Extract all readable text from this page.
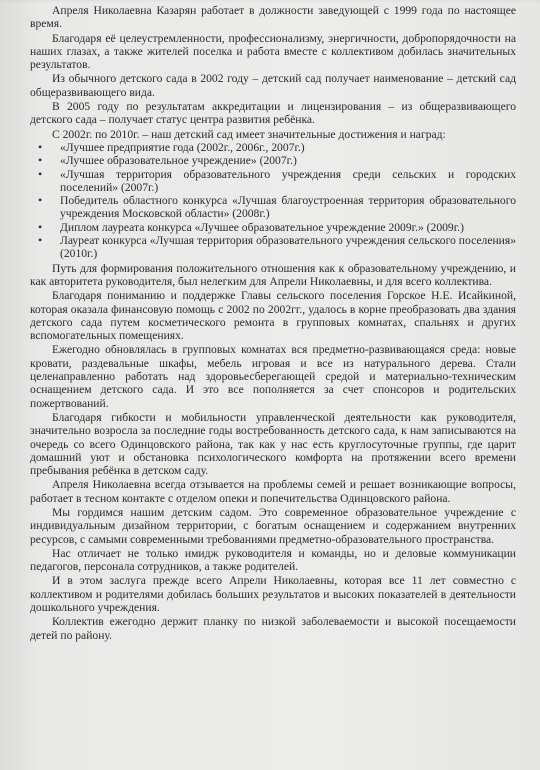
Апреля Николаевна Казарян работает в должности заведующей с 1999 года по настоящее время.

Благодаря её целеустремленности, профессионализму, энергичности, добропорядочности на наших глазах, а также жителей поселка и работа вместе с коллективом добилась значительных результатов.

Из обычного детского сада в 2002 году – детский сад получает наименование – детский сад общеразвивающего вида.

В 2005 году по результатам аккредитации и лицензирования – из общеразвивающего детского сада – получает статус центра развития ребёнка.

С 2002г. по 2010г. – наш детский сад имеет значительные достижения и наград:

• «Лучшее предприятие года (2002г., 2006г., 2007г.)
• «Лучшее образовательное учреждение» (2007г.)
• «Лучшая территория образовательного учреждения среди сельских и городских поселений» (2007г.)
• Победитель областного конкурса «Лучшая благоустроенная территория образовательного учреждения Московской области» (2008г.)
• Диплом лауреата конкурса «Лучшее образовательное учреждение 2009г.» (2009г.)
• Лауреат конкурса «Лучшая территория образовательного учреждения сельского поселения» (2010г.)

Путь для формирования положительного отношения как к образовательному учреждению, и как авторитета руководителя, был нелегким для Апрели Николаевны, и для всего коллектива.

Благодаря пониманию и поддержке Главы сельского поселения Горское Н.Е. Исайкиной, которая оказала финансовую помощь с 2002 по 2002гг., удалось в корне преобразовать два здания детского сада путем косметического ремонта в групповых комнатах, спальнях и других вспомогательных помещениях.

Ежегодно обновлялась в групповых комнатах вся предметно-развивающаяся среда: новые кровати, раздевальные шкафы, мебель игровая и все из натурального дерева. Стали целенаправленно работать над здоровьесберегающей средой и материально-техническим оснащением детского сада. И это все пополняется за счет спонсоров и родительских пожертвований.

Благодаря гибкости и мобильности управленческой деятельности как руководителя, значительно возросла за последние годы востребованность детского сада, к нам записываются на очередь со всего Одинцовского района, так как у нас есть круглосуточные группы, где царит домашний уют и обстановка психологического комфорта на протяжении всего времени пребывания ребёнка в детском саду.

Апреля Николаевна всегда отзывается на проблемы семей и решает возникающие вопросы, работает в тесном контакте с отделом опеки и попечительства Одинцовского района.

Мы гордимся нашим детским садом. Это современное образовательное учреждение с индивидуальным дизайном территории, с богатым оснащением и содержанием внутренних ресурсов, с самыми современными требованиями предметно-образовательного пространства.

Нас отличает не только имидж руководителя и команды, но и деловые коммуникации педагогов, персонала сотрудников, а также родителей.

И в этом заслуга прежде всего Апрели Николаевны, которая все 11 лет совместно с коллективом и родителями добилась больших результатов и высоких показателей в деятельности дошкольного учреждения.

Коллектив ежегодно держит планку по низкой заболеваемости и высокой посещаемости детей по району.
